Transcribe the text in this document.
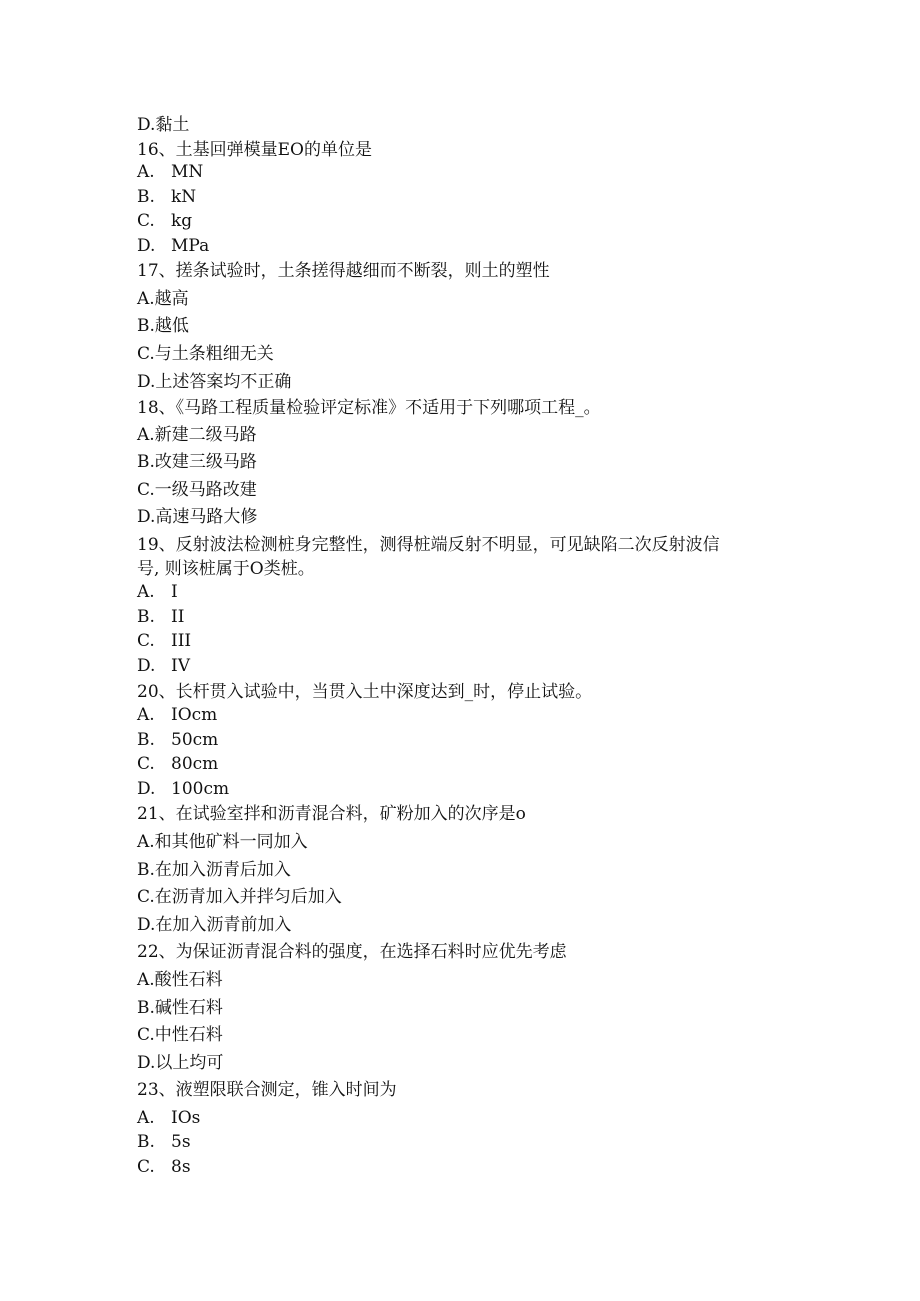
D.黏土
16、土基回弹模量EO的单位是
A. MN
B. kN
C. kg
D. MPa
17、搓条试验时，土条搓得越细而不断裂，则土的塑性
A.越高
B.越低
C.与土条粗细无关
D.上述答案均不正确
18、《马路工程质量检验评定标准》不适用于下列哪项工程_。
A.新建二级马路
B.改建三级马路
C.一级马路改建
D.高速马路大修
19、反射波法检测桩身完整性，测得桩端反射不明显，可见缺陷二次反射波信
号, 则该桩属于O类桩。
A. I
B. II
C. III
D. IV
20、长杆贯入试验中，当贯入土中深度达到_时，停止试验。
A. IOcm
B. 50cm
C. 80cm
D. 100cm
21、在试验室拌和沥青混合料，矿粉加入的次序是o
A.和其他矿料一同加入
B.在加入沥青后加入
C.在沥青加入并拌匀后加入
D.在加入沥青前加入
22、为保证沥青混合料的强度，在选择石料时应优先考虑
A.酸性石料
B.碱性石料
C.中性石料
D.以上均可
23、液塑限联合测定，锥入时间为
A. IOs
B. 5s
C. 8s
